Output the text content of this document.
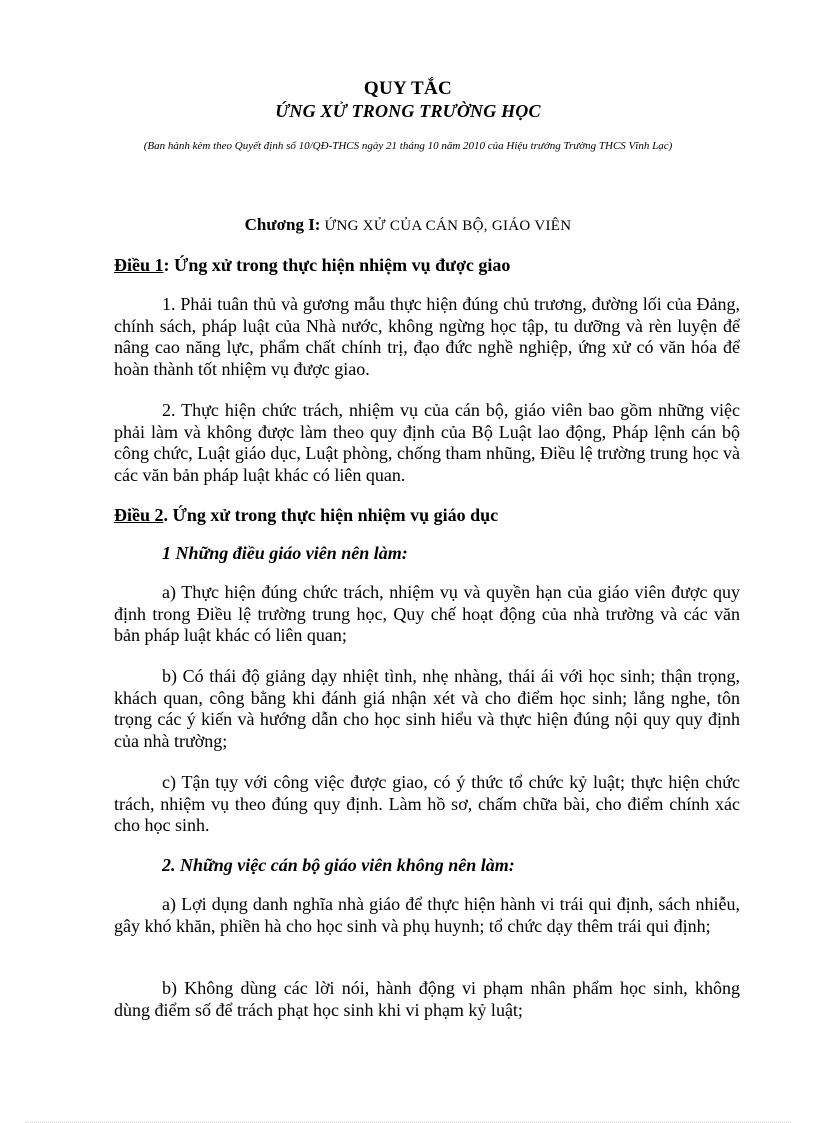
QUY TẮC
ỨNG XỬ TRONG TRƯỜNG HỌC
(Ban hành kèm theo Quyết định số 10/QĐ-THCS ngày 21 tháng 10 năm 2010 của Hiệu trưởng Trường THCS Vĩnh Lạc)
Chương I: ỨNG XỬ CỦA CÁN BỘ, GIÁO VIÊN
Điều 1: Ứng xử trong thực hiện nhiệm vụ được giao

1. Phải tuân thủ và gương mẫu thực hiện đúng chủ trương, đường lối của Đảng, chính sách, pháp luật của Nhà nước, không ngừng học tập, tu dưỡng và rèn luyện để nâng cao năng lực, phẩm chất chính trị, đạo đức nghề nghiệp, ứng xử có văn hóa để hoàn thành tốt nhiệm vụ được giao.

2. Thực hiện chức trách, nhiệm vụ của cán bộ, giáo viên bao gồm những việc phải làm và không được làm theo quy định của Bộ Luật lao động, Pháp lệnh cán bộ công chức, Luật giáo dục, Luật phòng, chống tham nhũng, Điều lệ trường trung học và các văn bản pháp luật khác có liên quan.

Điều 2. Ứng xử trong thực hiện nhiệm vụ giáo dục
1 Những điều giáo viên nên làm:

a) Thực hiện đúng chức trách, nhiệm vụ và quyền hạn của giáo viên được quy định trong Điều lệ trường trung học, Quy chế hoạt động của nhà trường và các văn bản pháp luật khác có liên quan;

b) Có thái độ giảng dạy nhiệt tình, nhẹ nhàng, thái ái với học sinh; thận trọng, khách quan, công bằng khi đánh giá nhận xét và cho điểm học sinh; lắng nghe, tôn trọng các ý kiến và hướng dẫn cho học sinh hiểu và thực hiện đúng nội quy quy định của nhà trường;

c) Tận tụy với công việc được giao, có ý thức tổ chức kỷ luật; thực hiện chức trách, nhiệm vụ theo đúng quy định. Làm hồ sơ, chấm chữa bài, cho điểm chính xác cho học sinh.

2. Những việc cán bộ giáo viên không nên làm:

a) Lợi dụng danh nghĩa nhà giáo để thực hiện hành vi trái qui định, sách nhiễu, gây khó khăn, phiền hà cho học sinh và phụ huynh; tổ chức dạy thêm trái qui định;

b) Không dùng các lời nói, hành động vi phạm nhân phẩm học sinh, không dùng điểm số để trách phạt học sinh khi vi phạm kỷ luật;
